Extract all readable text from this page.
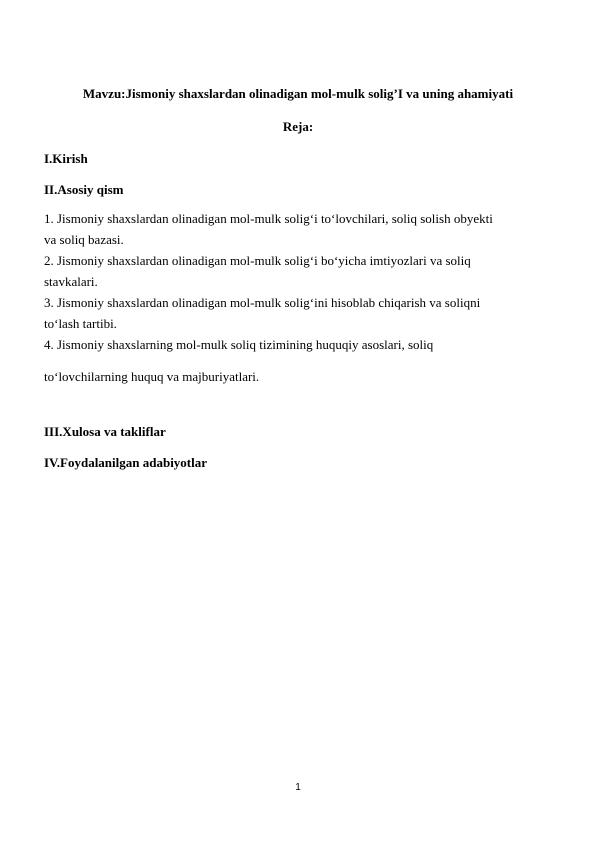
Mavzu:Jismoniy shaxslardan olinadigan mol-mulk solig’I va uning ahamiyati
Reja:
I.Kirish
II.Asosiy qism
1. Jismoniy shaxslardan olinadigan mol-mulk solig‘i to‘lovchilari, soliq solish obyekti
va soliq bazasi.
2. Jismoniy shaxslardan olinadigan mol-mulk solig‘i bo‘yicha imtiyozlari va soliq
stavkalari.
3. Jismoniy shaxslardan olinadigan mol-mulk solig‘ini hisoblab chiqarish va soliqni
to‘lash tartibi.
4. Jismoniy shaxslarning mol-mulk soliq tizimining huquqiy asoslari, soliq
to‘lovchilarning huquq va majburiyatlari.
III.Xulosa va takliflar
IV.Foydalanilgan adabiyotlar
1
